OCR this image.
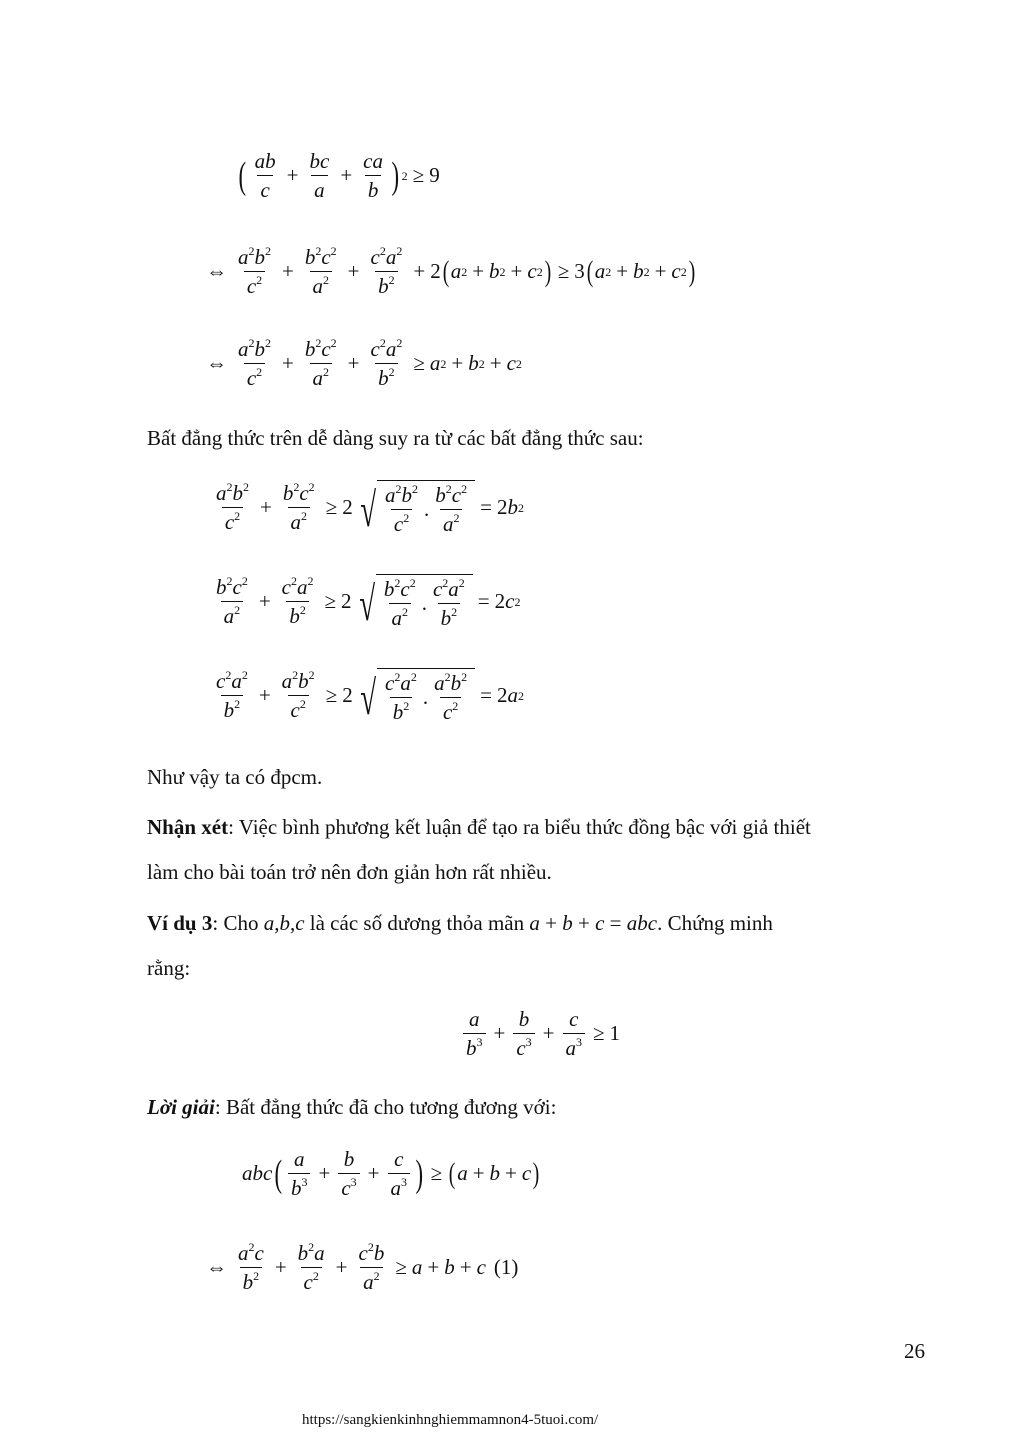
( $\frac{ab}{c} + \frac{bc}{a} + \frac{ca}{b}$ ) 2 ≥ 9
⇔ $\frac{a^2b^2}{c^2} + \frac{b^2c^2}{a^2} + \frac{c^2a^2}{b^2} + 2$ ( a 2 + b 2 + c 2 ) ≥ 3 ( a 2 + b 2 + c 2 )
⇔ $\frac{a^2b^2}{c^2} + \frac{b^2c^2}{a^2} + \frac{c^2a^2}{b^2} \ge a$ 2 + b 2 + c 2
Bất đẳng thức trên dễ dàng suy ra từ các bất đẳng thức sau:
$\frac{a^2b^2}{c^2} + \frac{b^2c^2}{a^2} \ge 2$ √ $\frac{a^2b^2}{c^2}$ . $\frac{b^2c^2}{a^2} = 2$ b 2
$\frac{b^2c^2}{a^2} + \frac{c^2a^2}{b^2} \ge 2$ √ $\frac{b^2c^2}{a^2}$ . $\frac{c^2a^2}{b^2} = 2$ c 2
$\frac{c^2a^2}{b^2} + \frac{a^2b^2}{c^2} \ge 2$ √ $\frac{c^2a^2}{b^2}$ . $\frac{a^2b^2}{c^2} = 2$ a 2
Như vậy ta có đpcm.
Nhận xét: Việc bình phương kết luận để tạo ra biểu thức đồng bậc với giả thiết
làm cho bài toán trở nên đơn giản hơn rất nhiều.
Ví dụ 3: Cho a,b,c là các số dương thỏa mãn a + b + c = abc. Chứng minh
rằng:
$\frac{a}{b^3} + \frac{b}{c^3} + \frac{c}{a^3} \ge 1$
Lời giải: Bất đẳng thức đã cho tương đương với:
abc ( $\frac{a}{b^3} + \frac{b}{c^3} + \frac{c}{a^3}$ ) ≥ ( a + b + c )
⇔ $\frac{a^2c}{b^2} + \frac{b^2a}{c^2} + \frac{c^2b}{a^2} \ge a + b + c$ (1)
26
https://sangkienkinhnghiemmamnon4-5tuoi.com/
